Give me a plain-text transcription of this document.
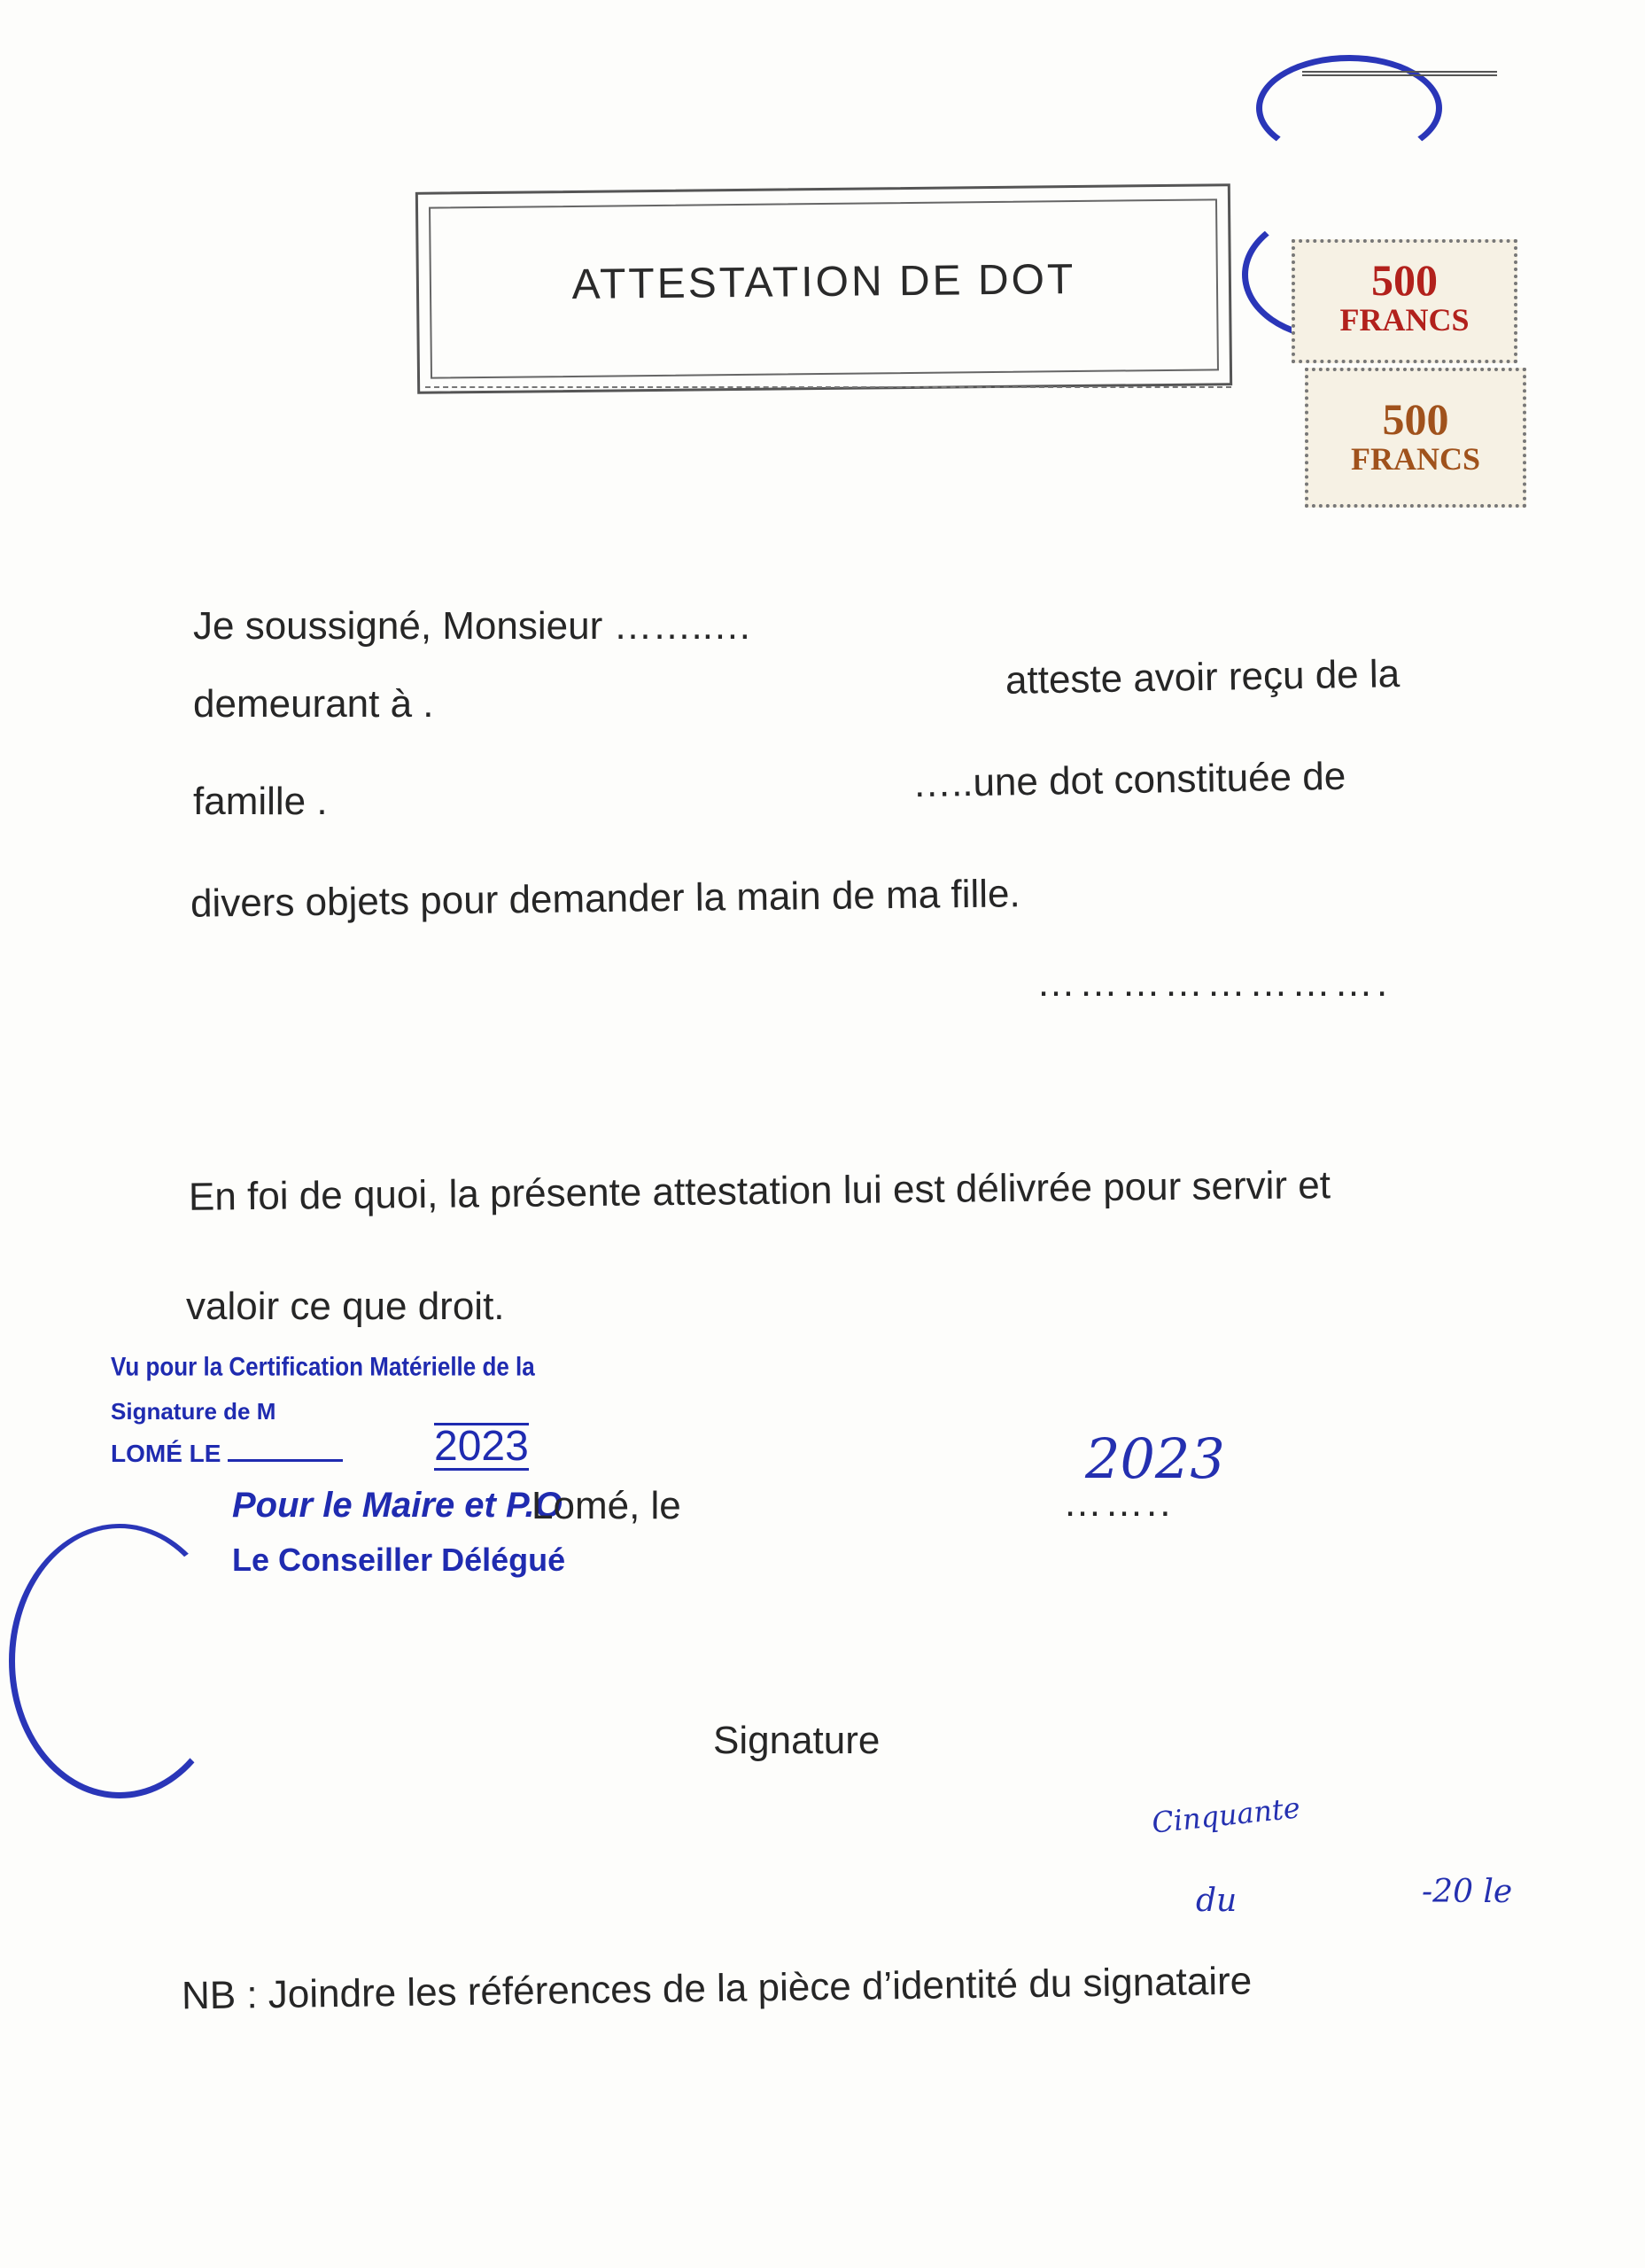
ATTESTATION DE DOT	500
FRANCS
500
FRANCS
Je soussigné, Monsieur ……..…
demeurant à .
atteste avoir reçu de la
famille .	…..une dot constituée de
divers objets pour demander la main de ma fille.
…………………….
En foi de quoi, la présente attestation lui est délivrée pour servir et
valoir ce que droit.
Vu pour la Certification Matérielle de la
Signature de M
LOMÉ LE	2023
Pour le Maire et P.O
Le Conseiller Délégué
Lomé, le	……..
2023
Signature
Cinquante
du	-20 le
NB : Joindre les références de la pièce d’identité du signataire
